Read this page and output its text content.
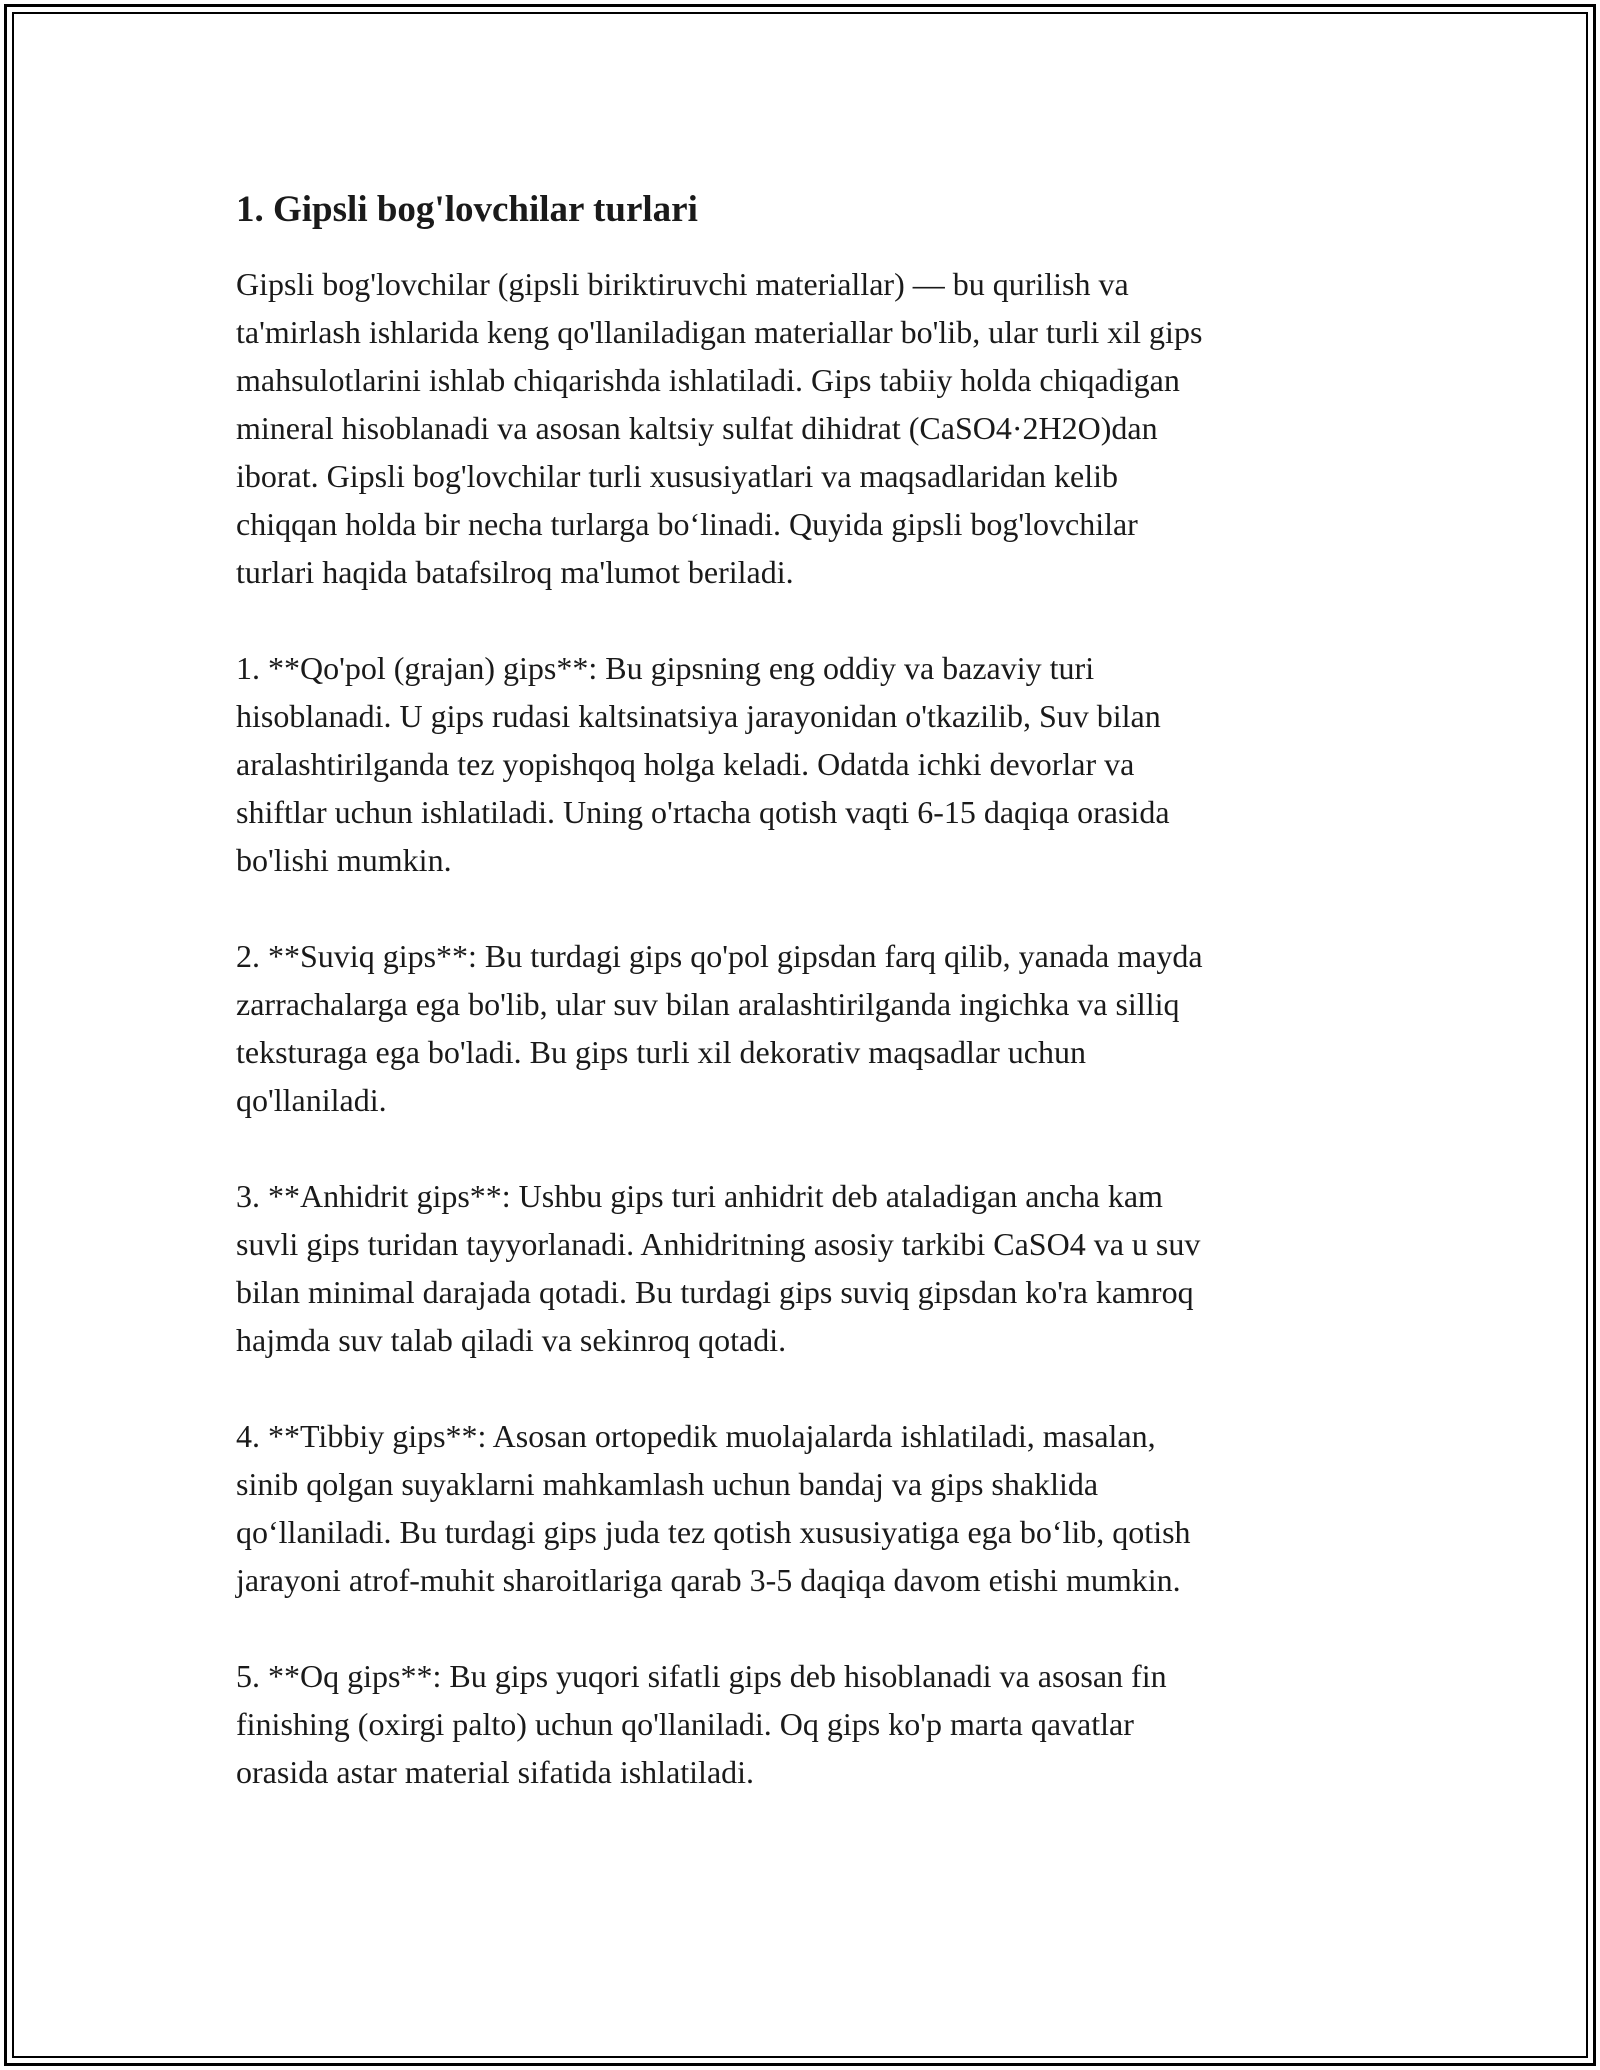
1. Gipsli bog'lovchilar turlari

Gipsli bog'lovchilar (gipsli biriktiruvchi materiallar) — bu qurilish va
ta'mirlash ishlarida keng qo'llaniladigan materiallar bo'lib, ular turli xil gips
mahsulotlarini ishlab chiqarishda ishlatiladi. Gips tabiiy holda chiqadigan
mineral hisoblanadi va asosan kaltsiy sulfat dihidrat (CaSO4·2H2O)dan
iborat. Gipsli bog'lovchilar turli xususiyatlari va maqsadlaridan kelib
chiqqan holda bir necha turlarga bo‘linadi. Quyida gipsli bog'lovchilar
turlari haqida batafsilroq ma'lumot beriladi.

1. **Qo'pol (grajan) gips**: Bu gipsning eng oddiy va bazaviy turi
hisoblanadi. U gips rudasi kaltsinatsiya jarayonidan o'tkazilib, Suv bilan
aralashtirilganda tez yopishqoq holga keladi. Odatda ichki devorlar va
shiftlar uchun ishlatiladi. Uning o'rtacha qotish vaqti 6-15 daqiqa orasida
bo'lishi mumkin.

2. **Suviq gips**: Bu turdagi gips qo'pol gipsdan farq qilib, yanada mayda
zarrachalarga ega bo'lib, ular suv bilan aralashtirilganda ingichka va silliq
teksturaga ega bo'ladi. Bu gips turli xil dekorativ maqsadlar uchun
qo'llaniladi.

3. **Anhidrit gips**: Ushbu gips turi anhidrit deb ataladigan ancha kam
suvli gips turidan tayyorlanadi. Anhidritning asosiy tarkibi CaSO4 va u suv
bilan minimal darajada qotadi. Bu turdagi gips suviq gipsdan ko'ra kamroq
hajmda suv talab qiladi va sekinroq qotadi.

4. **Tibbiy gips**: Asosan ortopedik muolajalarda ishlatiladi, masalan,
sinib qolgan suyaklarni mahkamlash uchun bandaj va gips shaklida
qo‘llaniladi. Bu turdagi gips juda tez qotish xususiyatiga ega bo‘lib, qotish
jarayoni atrof-muhit sharoitlariga qarab 3-5 daqiqa davom etishi mumkin.

5. **Oq gips**: Bu gips yuqori sifatli gips deb hisoblanadi va asosan fin
finishing (oxirgi palto) uchun qo'llaniladi. Oq gips ko'p marta qavatlar
orasida astar material sifatida ishlatiladi.
